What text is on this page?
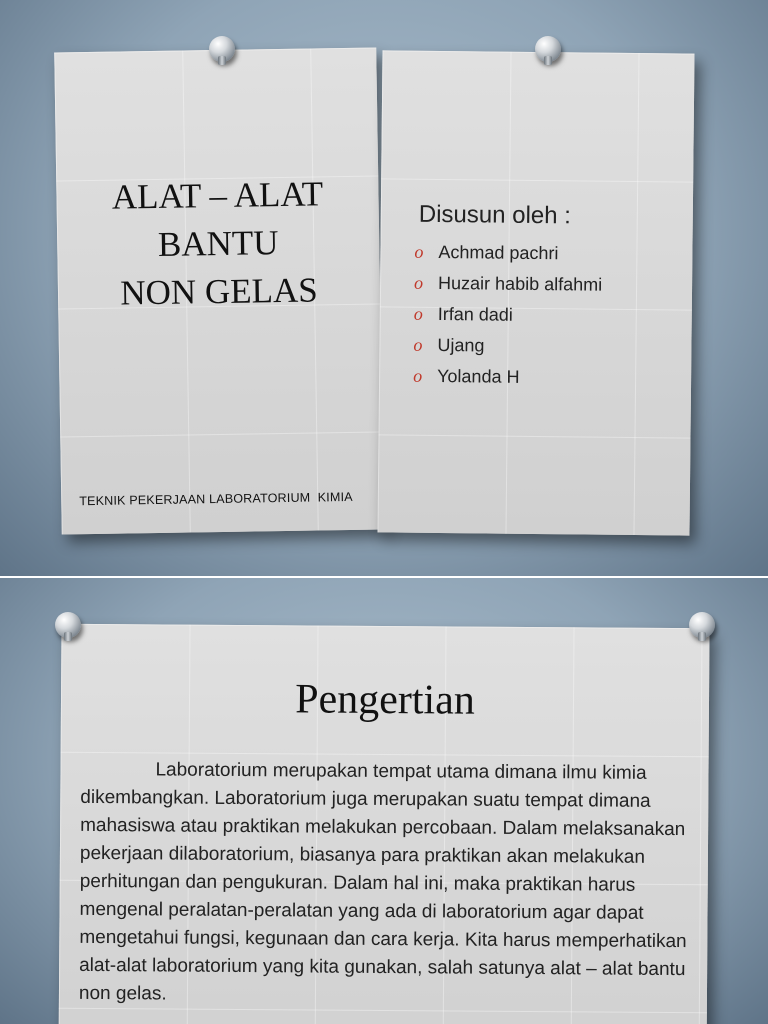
ALAT – ALAT
BANTU
NON GELAS
TEKNIK PEKERJAAN LABORATORIUM  KIMIA
Disusun oleh :
o Achmad pachri
o Huzair habib alfahmi
o Irfan dadi
o Ujang
o Yolanda H
Pengertian

Laboratorium merupakan tempat utama dimana ilmu kimia dikembangkan. Laboratorium juga merupakan suatu tempat dimana mahasiswa atau praktikan melakukan percobaan. Dalam melaksanakan pekerjaan dilaboratorium, biasanya para praktikan akan melakukan perhitungan dan pengukuran. Dalam hal ini, maka praktikan harus mengenal peralatan-peralatan yang ada di laboratorium agar dapat mengetahui fungsi, kegunaan dan cara kerja. Kita harus memperhatikan alat-alat laboratorium yang kita gunakan, salah satunya alat – alat bantu non gelas.
